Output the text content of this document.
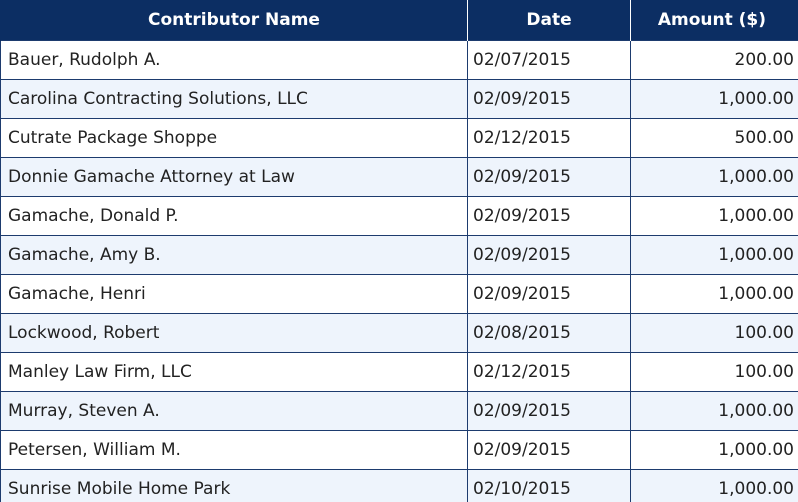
Contributor Name	Date	Amount ($)
Bauer, Rudolph A.	02/07/2015	200.00
Carolina Contracting Solutions, LLC	02/09/2015	1,000.00
Cutrate Package Shoppe	02/12/2015	500.00
Donnie Gamache Attorney at Law	02/09/2015	1,000.00
Gamache, Donald P.	02/09/2015	1,000.00
Gamache, Amy B.	02/09/2015	1,000.00
Gamache, Henri	02/09/2015	1,000.00
Lockwood, Robert	02/08/2015	100.00
Manley Law Firm, LLC	02/12/2015	100.00
Murray, Steven A.	02/09/2015	1,000.00
Petersen, William M.	02/09/2015	1,000.00
Sunrise Mobile Home Park	02/10/2015	1,000.00
